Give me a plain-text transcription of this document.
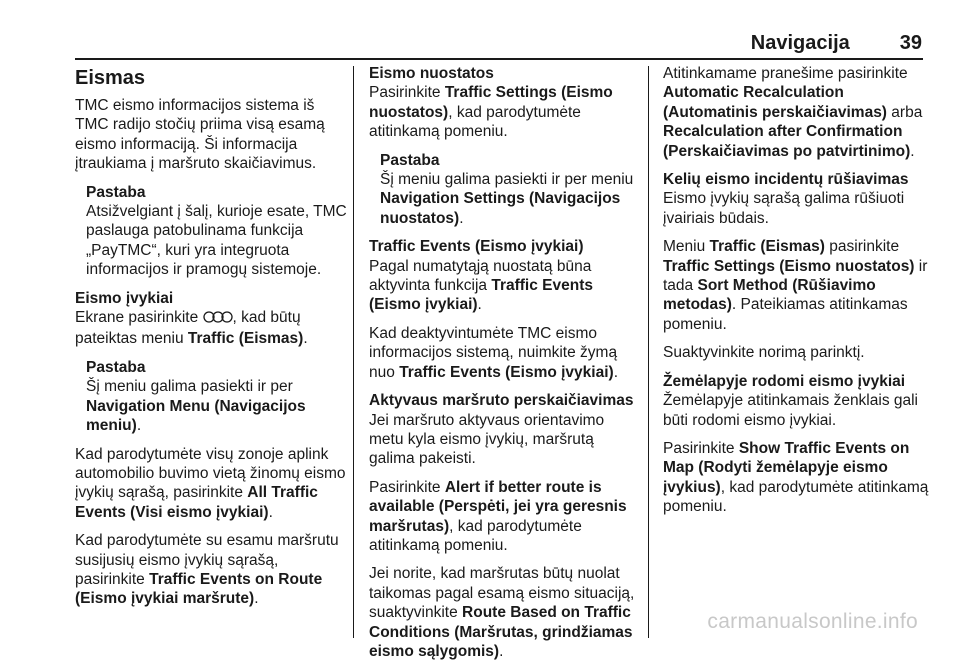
Navigacija	39
Eismas

TMC eismo informacijos sistema iš TMC radijo stočių priima visą esamą eismo informaciją. Ši informacija įtraukiama į maršruto skaičiavimus.

Pastaba
Atsižvelgiant į šalį, kurioje esate, TMC paslauga patobulinama funkcija „PayTMC“, kuri yra integruota informacijos ir pramogų sistemoje.
Eismo įvykiai

Ekrane pasirinkite , kad būtų pateiktas meniu Traffic (Eismas).

Pastaba
Šį meniu galima pasiekti ir per Navigation Menu (Navigacijos meniu).

Kad parodytumėte visų zonoje aplink automobilio buvimo vietą žinomų eismo įvykių sąrašą, pasirinkite All Traffic Events (Visi eismo įvykiai).

Kad parodytumėte su esamu maršrutu susijusių eismo įvykių sąrašą, pasirinkite Traffic Events on Route (Eismo įvykiai maršrute).

Eismo nuostatos

Pasirinkite Traffic Settings (Eismo nuostatos), kad parodytumėte atitinkamą pomeniu.

Pastaba
Šį meniu galima pasiekti ir per meniu Navigation Settings (Navigacijos nuostatos).
Traffic Events (Eismo įvykiai)

Pagal numatytąją nuostatą būna aktyvinta funkcija Traffic Events (Eismo įvykiai).

Kad deaktyvintumėte TMC eismo informacijos sistemą, nuimkite žymą nuo Traffic Events (Eismo įvykiai).

Aktyvaus maršruto perskaičiavimas

Jei maršruto aktyvaus orientavimo metu kyla eismo įvykių, maršrutą galima pakeisti.

Pasirinkite Alert if better route is available (Perspėti, jei yra geresnis maršrutas), kad parodytumėte atitinkamą pomeniu.

Jei norite, kad maršrutas būtų nuolat taikomas pagal esamą eismo situaciją, suaktyvinkite Route Based on Traffic Conditions (Maršrutas, grindžiamas eismo sąlygomis).

Atitinkamame pranešime pasirinkite Automatic Recalculation (Automatinis perskaičiavimas) arba Recalculation after Confirmation (Perskaičiavimas po patvirtinimo).

Kelių eismo incidentų rūšiavimas

Eismo įvykių sąrašą galima rūšiuoti įvairiais būdais.

Meniu Traffic (Eismas) pasirinkite Traffic Settings (Eismo nuostatos) ir tada Sort Method (Rūšiavimo metodas). Pateikiamas atitinkamas pomeniu.

Suaktyvinkite norimą parinktį.

Žemėlapyje rodomi eismo įvykiai

Žemėlapyje atitinkamais ženklais gali būti rodomi eismo įvykiai.

Pasirinkite Show Traffic Events on Map (Rodyti žemėlapyje eismo įvykius), kad parodytumėte atitinkamą pomeniu.

carmanualsonline.info
